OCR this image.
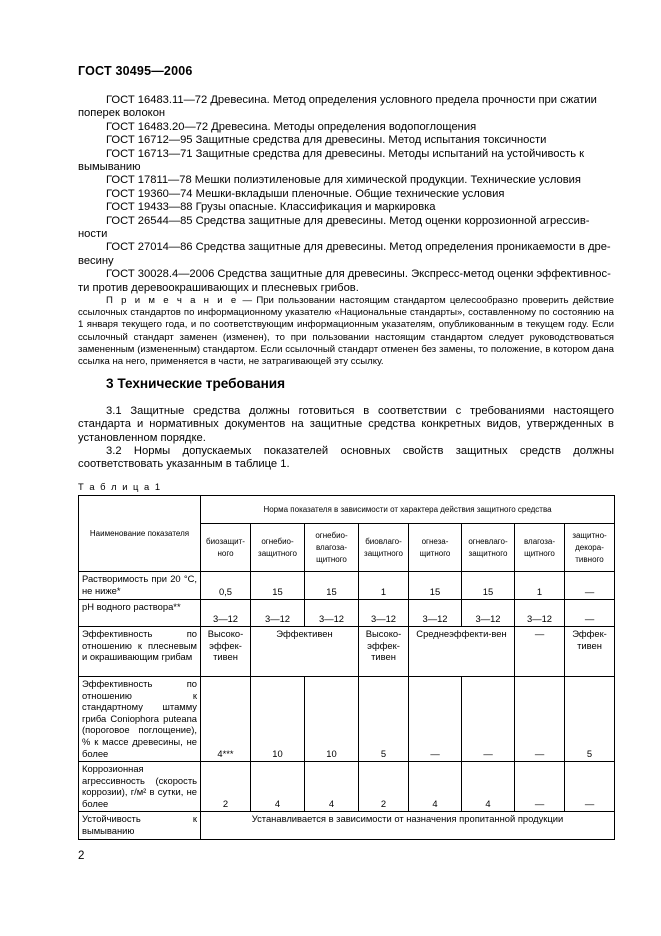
ГОСТ 30495—2006
ГОСТ 16483.11—72 Древесина. Метод определения условного предела прочности при сжатии
поперек волокон
ГОСТ 16483.20—72 Древесина. Методы определения водопоглощения
ГОСТ 16712—95 Защитные средства для древесины. Метод испытания токсичности
ГОСТ 16713—71 Защитные средства для древесины. Методы испытаний на устойчивость к
вымыванию
ГОСТ 17811—78 Мешки полиэтиленовые для химической продукции. Технические условия
ГОСТ 19360—74 Мешки-вкладыши пленочные. Общие технические условия
ГОСТ 19433—88 Грузы опасные. Классификация и маркировка
ГОСТ 26544—85 Средства защитные для древесины. Метод оценки коррозионной агрессив-
ности
ГОСТ 27014—86 Средства защитные для древесины. Метод определения проникаемости в дре-
весину
ГОСТ 30028.4—2006 Средства защитные для древесины. Экспресс-метод оценки эффективнос-
ти против деревоокрашивающих и плесневых грибов.
П р и м е ч а н и е — При пользовании настоящим стандартом целесообразно проверить действие ссылочных стандартов по информационному указателю «Национальные стандарты», составленному по состоянию на 1 января текущего года, и по соответствующим информационным указателям, опубликованным в текущем году. Если ссылочный стандарт заменен (изменен), то при пользовании настоящим стандартом следует руководствоваться замененным (измененным) стандартом. Если ссылочный стандарт отменен без замены, то положение, в котором дана ссылка на него, применяется в части, не затрагивающей эту ссылку.
3 Технические требования
3.1 Защитные средства должны готовиться в соответствии с требованиями настоящего стандарта и нормативных документов на защитные средства конкретных видов, утвержденных в установленном порядке.
3.2 Нормы допускаемых показателей основных свойств защитных средств должны соответствовать указанным в таблице 1.
Т а б л и ц а 1
Наименование показателя	Норма показателя в зависимости от характера действия защитного средства							
	биозащит-ного	огнебио-защитного	огнебио-влагоза-щитного	биовлаго-защитного	огнеза-щитного	огневлаго-защитного	влагоза-щитного	защитно-декора-тивного
Растворимость при 20 °С, не ниже*	0,5	15	15	1	15	15	1	—
рН водного раствора**	3—12	3—12	3—12	3—12	3—12	3—12	3—12	—
Эффективность по отношению к плесневым и окрашивающим грибам	Высоко-эффек-тивен	Эффективен		Высоко-эффек-тивен	Среднеэффекти-вен		—	Эффек-тивен
Эффективность по отношению к стандартному штамму гриба Coniophora puteana (пороговое поглощение), % к массе древесины, не более	4***	10	10	5	—	—	—	5
Коррозионная агрессивность (скорость коррозии), г/м² в сутки, не более	2	4	4	2	4	4	—	—
Устойчивость к вымыванию	Устанавливается в зависимости от назначения пропитанной продукции							
2
